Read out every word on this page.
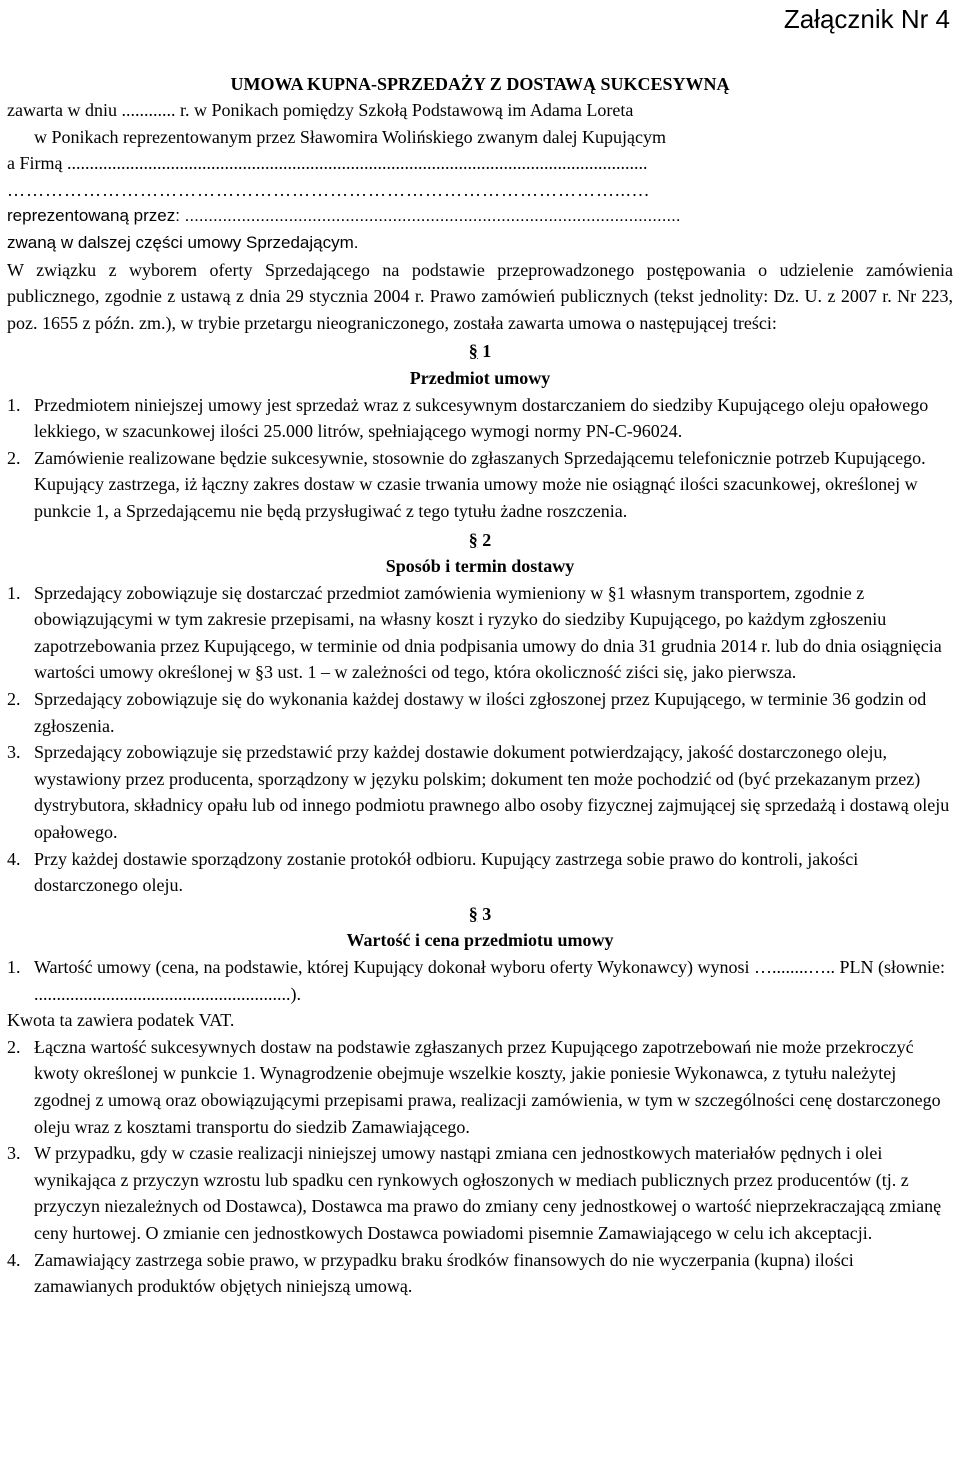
Załącznik Nr 4
UMOWA KUPNA-SPRZEDAŻY Z DOSTAWĄ SUKCESYWNĄ
zawarta w dniu ............ r. w Ponikach pomiędzy Szkołą Podstawową im Adama Loreta
w Ponikach reprezentowanym przez Sławomira Wolińskiego zwanym dalej Kupującym
a Firmą .................................................................................................................................
……………………………………………………………………………………...…
reprezentowaną przez: .........................................................................................................
zwaną w dalszej części umowy Sprzedającym.
W związku z wyborem oferty Sprzedającego na podstawie przeprowadzonego postępowania o udzielenie zamówienia publicznego, zgodnie z ustawą z dnia 29 stycznia 2004 r. Prawo zamówień publicznych (tekst jednolity: Dz. U. z 2007 r. Nr 223, poz. 1655 z późn. zm.), w trybie przetargu nieograniczonego, została zawarta umowa o następującej treści:
§ 1
Przedmiot umowy
1. Przedmiotem niniejszej umowy jest sprzedaż wraz z sukcesywnym dostarczaniem do siedziby Kupującego oleju opałowego lekkiego, w szacunkowej ilości 25.000 litrów, spełniającego wymogi normy PN-C-96024.
2. Zamówienie realizowane będzie sukcesywnie, stosownie do zgłaszanych Sprzedającemu telefonicznie potrzeb Kupującego. Kupujący zastrzega, iż łączny zakres dostaw w czasie trwania umowy może nie osiągnąć ilości szacunkowej, określonej w punkcie 1, a Sprzedającemu nie będą przysługiwać z tego tytułu żadne roszczenia.
§ 2
Sposób i termin dostawy
1. Sprzedający zobowiązuje się dostarczać przedmiot zamówienia wymieniony w §1 własnym transportem, zgodnie z obowiązującymi w tym zakresie przepisami, na własny koszt i ryzyko do siedziby Kupującego, po każdym zgłoszeniu zapotrzebowania przez Kupującego, w terminie od dnia podpisania umowy do dnia 31 grudnia 2014 r. lub do dnia osiągnięcia wartości umowy określonej w §3 ust. 1 – w zależności od tego, która okoliczność ziści się, jako pierwsza.
2. Sprzedający zobowiązuje się do wykonania każdej dostawy w ilości zgłoszonej przez Kupującego, w terminie 36 godzin od zgłoszenia.
3. Sprzedający zobowiązuje się przedstawić przy każdej dostawie dokument potwierdzający, jakość dostarczonego oleju, wystawiony przez producenta, sporządzony w języku polskim; dokument ten może pochodzić od (być przekazanym przez) dystrybutora, składnicy opału lub od innego podmiotu prawnego albo osoby fizycznej zajmującej się sprzedażą i dostawą oleju opałowego.
4. Przy każdej dostawie sporządzony zostanie protokół odbioru. Kupujący zastrzega sobie prawo do kontroli, jakości dostarczonego oleju.
§ 3
Wartość i cena przedmiotu umowy
1. Wartość umowy (cena, na podstawie, której Kupujący dokonał wyboru oferty Wykonawcy) wynosi …........….. PLN (słownie: .........................................................).
Kwota ta zawiera podatek VAT.
2. Łączna wartość sukcesywnych dostaw na podstawie zgłaszanych przez Kupującego zapotrzebowań nie może przekroczyć kwoty określonej w punkcie 1. Wynagrodzenie obejmuje wszelkie koszty, jakie poniesie Wykonawca, z tytułu należytej zgodnej z umową oraz obowiązującymi przepisami prawa, realizacji zamówienia, w tym w szczególności cenę dostarczonego oleju wraz z kosztami transportu do siedzib Zamawiającego.
3. W przypadku, gdy w czasie realizacji niniejszej umowy nastąpi zmiana cen jednostkowych materiałów pędnych i olei wynikająca z przyczyn wzrostu lub spadku cen rynkowych ogłoszonych w mediach publicznych przez producentów (tj. z przyczyn niezależnych od Dostawca), Dostawca ma prawo do zmiany ceny jednostkowej o wartość nieprzekraczającą zmianę ceny hurtowej. O zmianie cen jednostkowych Dostawca powiadomi pisemnie Zamawiającego w celu ich akceptacji.
4. Zamawiający zastrzega sobie prawo, w przypadku braku środków finansowych do nie wyczerpania (kupna) ilości zamawianych produktów objętych niniejszą umową.
